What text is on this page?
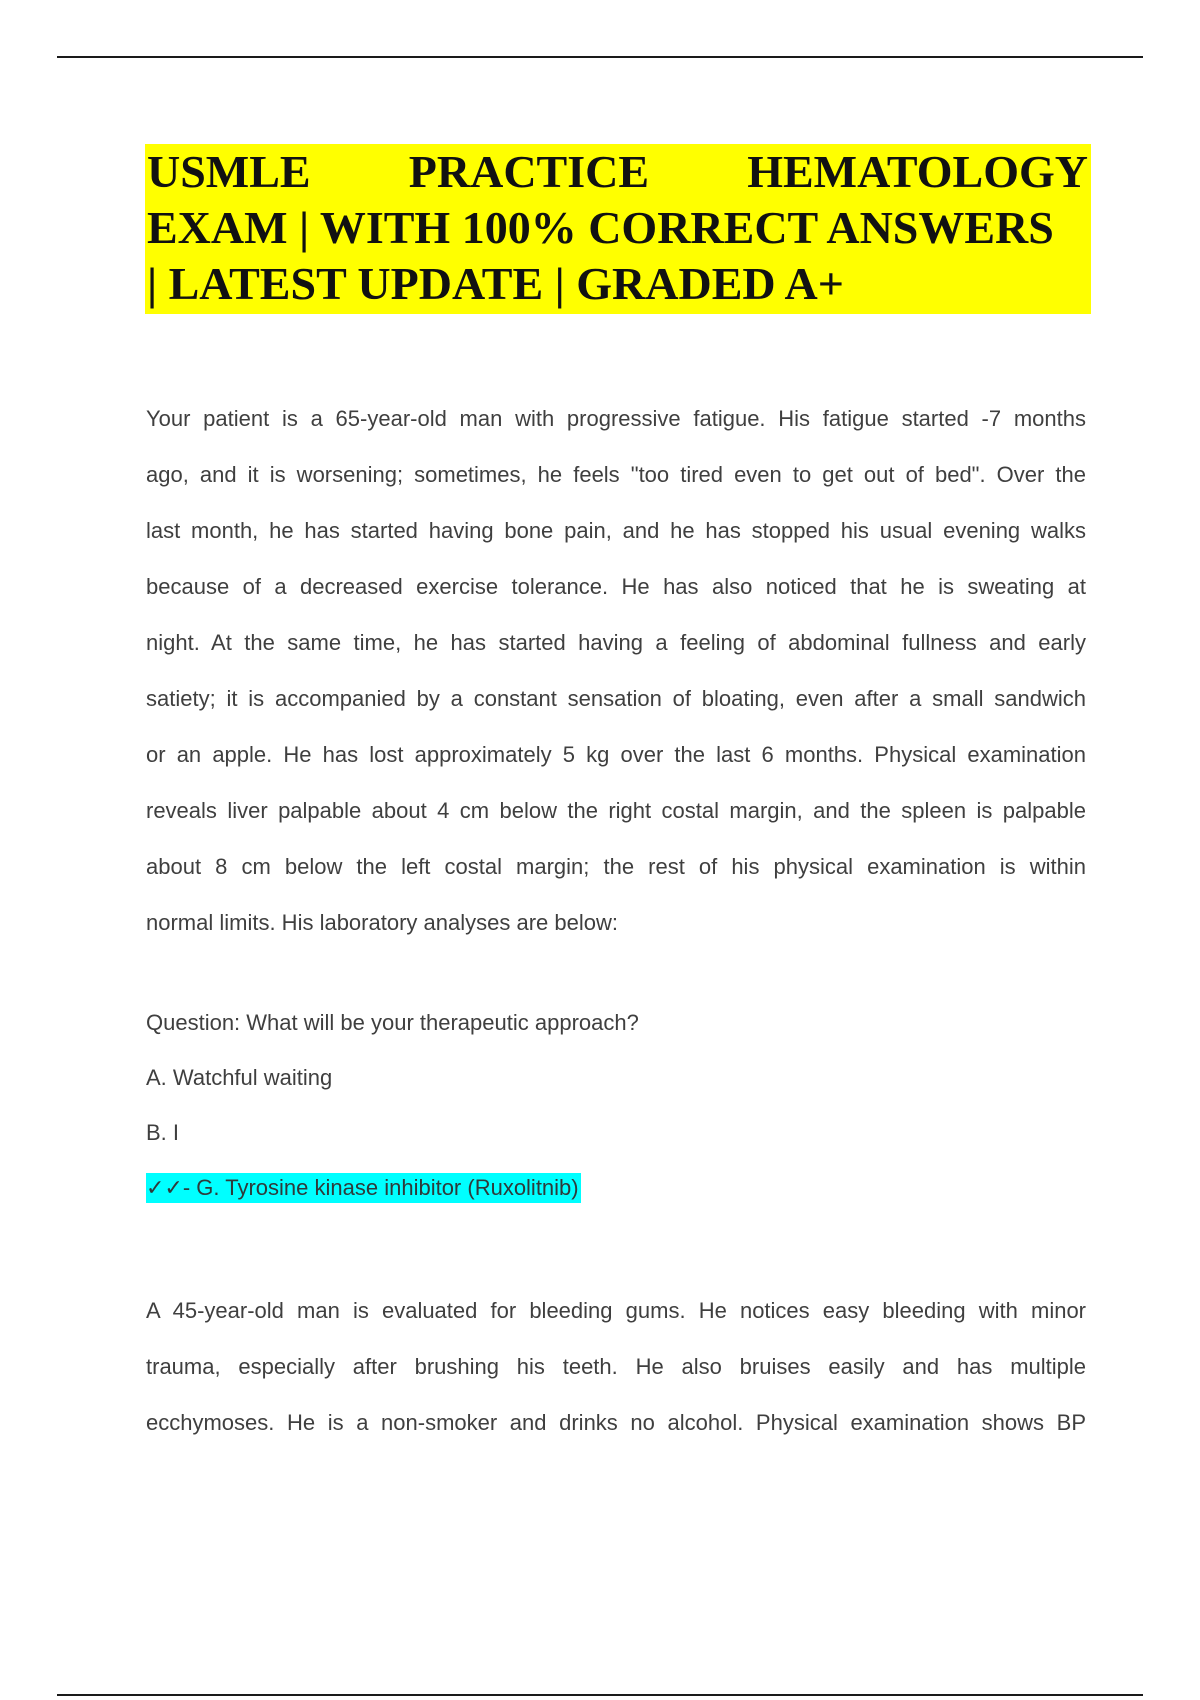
USMLE PRACTICE HEMATOLOGY
EXAM | WITH 100% CORRECT ANSWERS
| LATEST UPDATE | GRADED A+
Your patient is a 65-year-old man with progressive fatigue. His fatigue started -7 months
ago, and it is worsening; sometimes, he feels "too tired even to get out of bed". Over the
last month, he has started having bone pain, and he has stopped his usual evening walks
because of a decreased exercise tolerance. He has also noticed that he is sweating at
night. At the same time, he has started having a feeling of abdominal fullness and early
satiety; it is accompanied by a constant sensation of bloating, even after a small sandwich
or an apple. He has lost approximately 5 kg over the last 6 months. Physical examination
reveals liver palpable about 4 cm below the right costal margin, and the spleen is palpable
about 8 cm below the left costal margin; the rest of his physical examination is within
normal limits. His laboratory analyses are below:
Question: What will be your therapeutic approach?
A. Watchful waiting
B. I
✓✓- G. Tyrosine kinase inhibitor (Ruxolitnib)
A 45-year-old man is evaluated for bleeding gums. He notices easy bleeding with minor
trauma, especially after brushing his teeth. He also bruises easily and has multiple
ecchymoses. He is a non-smoker and drinks no alcohol. Physical examination shows BP
